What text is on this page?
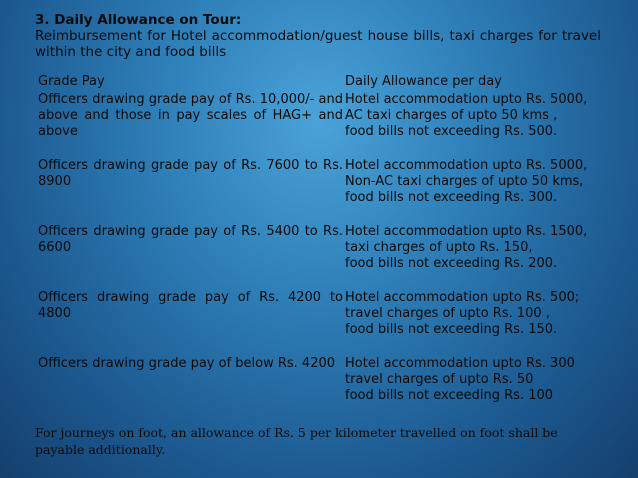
3. Daily Allowance on Tour:
Reimbursement for Hotel accommodation/guest house bills, taxi charges for travel within the city and food bills
Grade Pay	Daily Allowance per day
Officers drawing grade pay of Rs. 10,000/- and above and those in pay scales of HAG+ and above
Hotel accommodation upto Rs. 5000,
AC taxi charges of upto 50 kms ,
food bills not exceeding Rs. 500.
Officers drawing grade pay of Rs. 7600 to Rs. 8900
Hotel accommodation upto Rs. 5000,
Non-AC taxi charges of upto 50 kms,
food bills not exceeding Rs. 300.
Officers drawing grade pay of Rs. 5400 to Rs. 6600
Hotel accommodation upto Rs. 1500,
taxi charges of upto Rs. 150,
food bills not exceeding Rs. 200.
Officers drawing grade pay of Rs. 4200 to 4800
Hotel accommodation upto Rs. 500;
travel charges of upto Rs. 100 ,
food bills not exceeding Rs. 150.
Officers drawing grade pay of below Rs. 4200 Hotel accommodation upto Rs. 300
travel charges of upto Rs. 50
food bills not exceeding Rs. 100
For journeys on foot, an allowance of Rs. 5 per kilometer travelled on foot shall be payable additionally.
